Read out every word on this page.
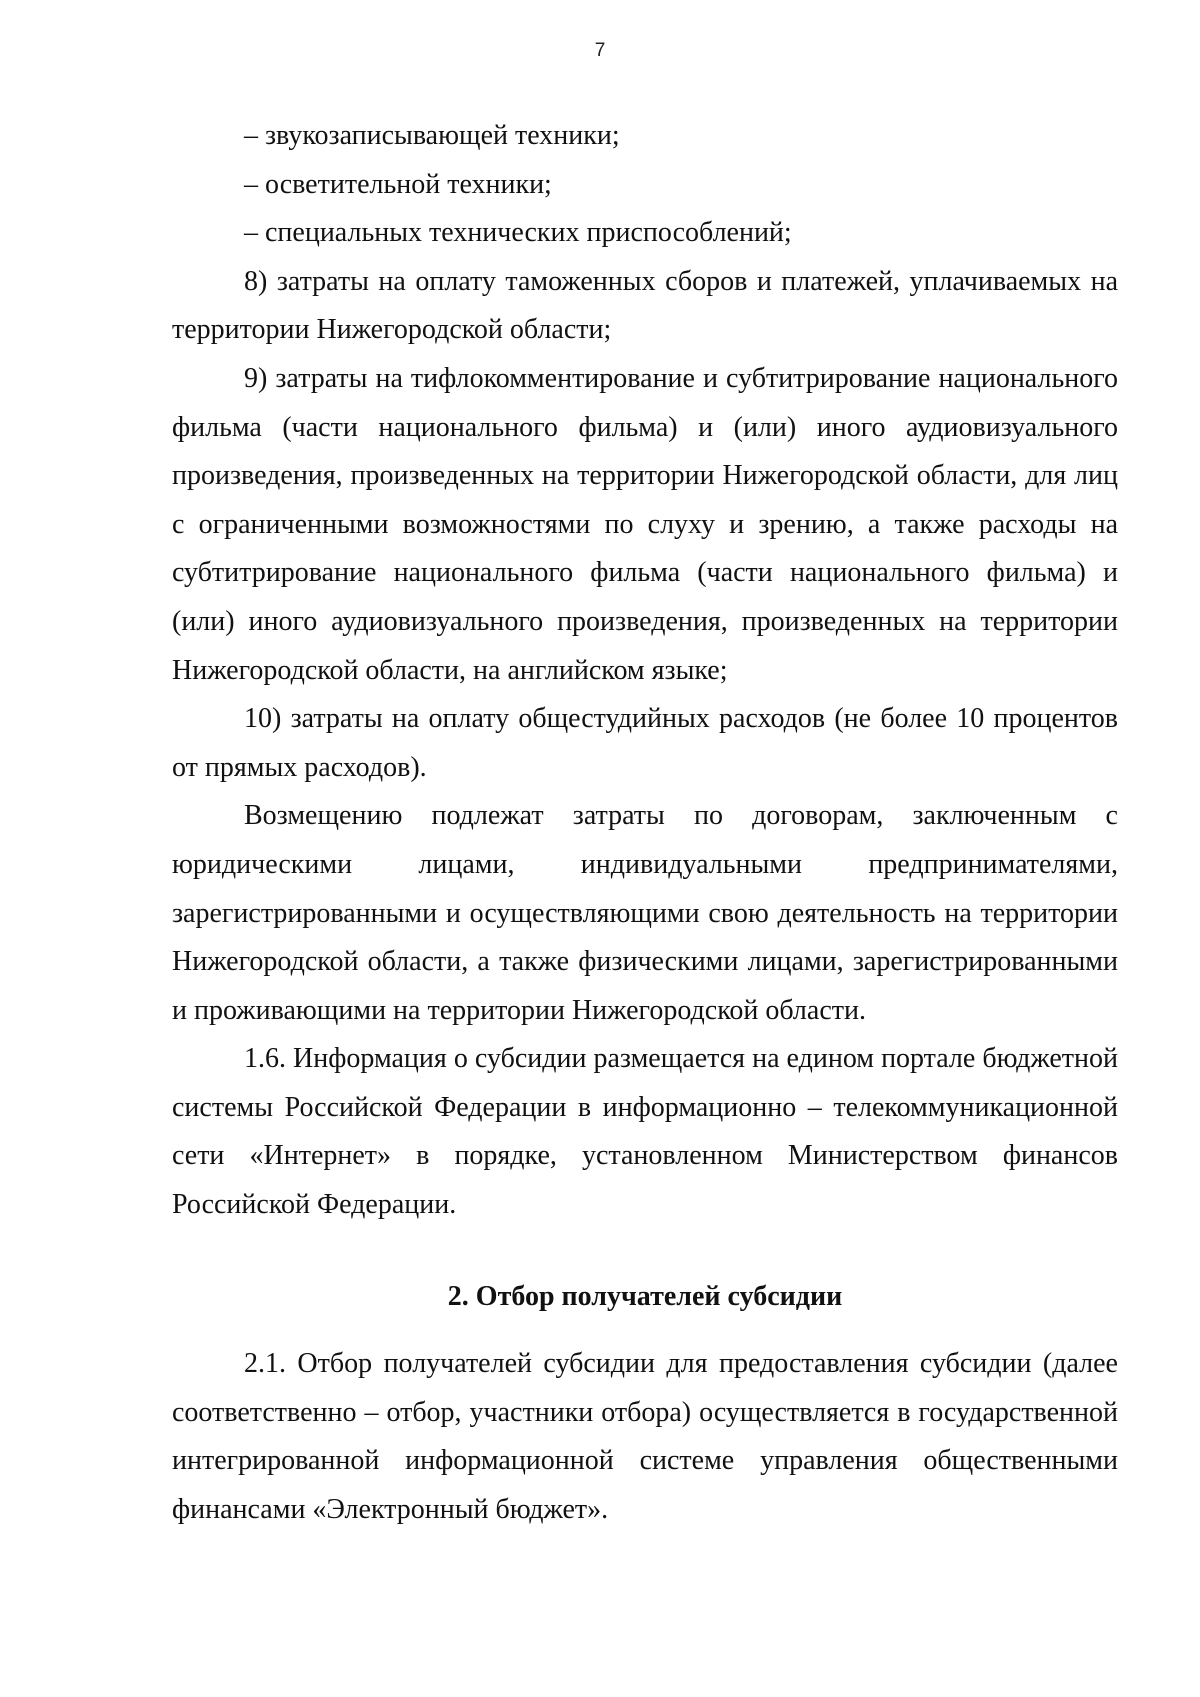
7

– звукозаписывающей техники;

– осветительной техники;

– специальных технических приспособлений;

8) затраты на оплату таможенных сборов и платежей, уплачиваемых на территории Нижегородской области;

9) затраты на тифлокомментирование и субтитрирование национального фильма (части национального фильма) и (или) иного аудиовизуального произведения, произведенных на территории Нижегородской области, для лиц с ограниченными возможностями по слуху и зрению, а также расходы на субтитрирование национального фильма (части национального фильма) и (или) иного аудиовизуального произведения, произведенных на территории Нижегородской области, на английском языке;

10) затраты на оплату общестудийных расходов (не более 10 процентов от прямых расходов).

Возмещению подлежат затраты по договорам, заключенным с юридическими лицами, индивидуальными предпринимателями, зарегистрированными и осуществляющими свою деятельность на территории Нижегородской области, а также физическими лицами, зарегистрированными и проживающими на территории Нижегородской области.

1.6. Информация о субсидии размещается на едином портале бюджетной системы Российской Федерации в информационно – телекоммуникационной сети «Интернет» в порядке, установленном Министерством финансов Российской Федерации.

2. Отбор получателей субсидии

2.1. Отбор получателей субсидии для предоставления субсидии (далее соответственно – отбор, участники отбора) осуществляется в государственной интегрированной информационной системе управления общественными финансами «Электронный бюджет».
